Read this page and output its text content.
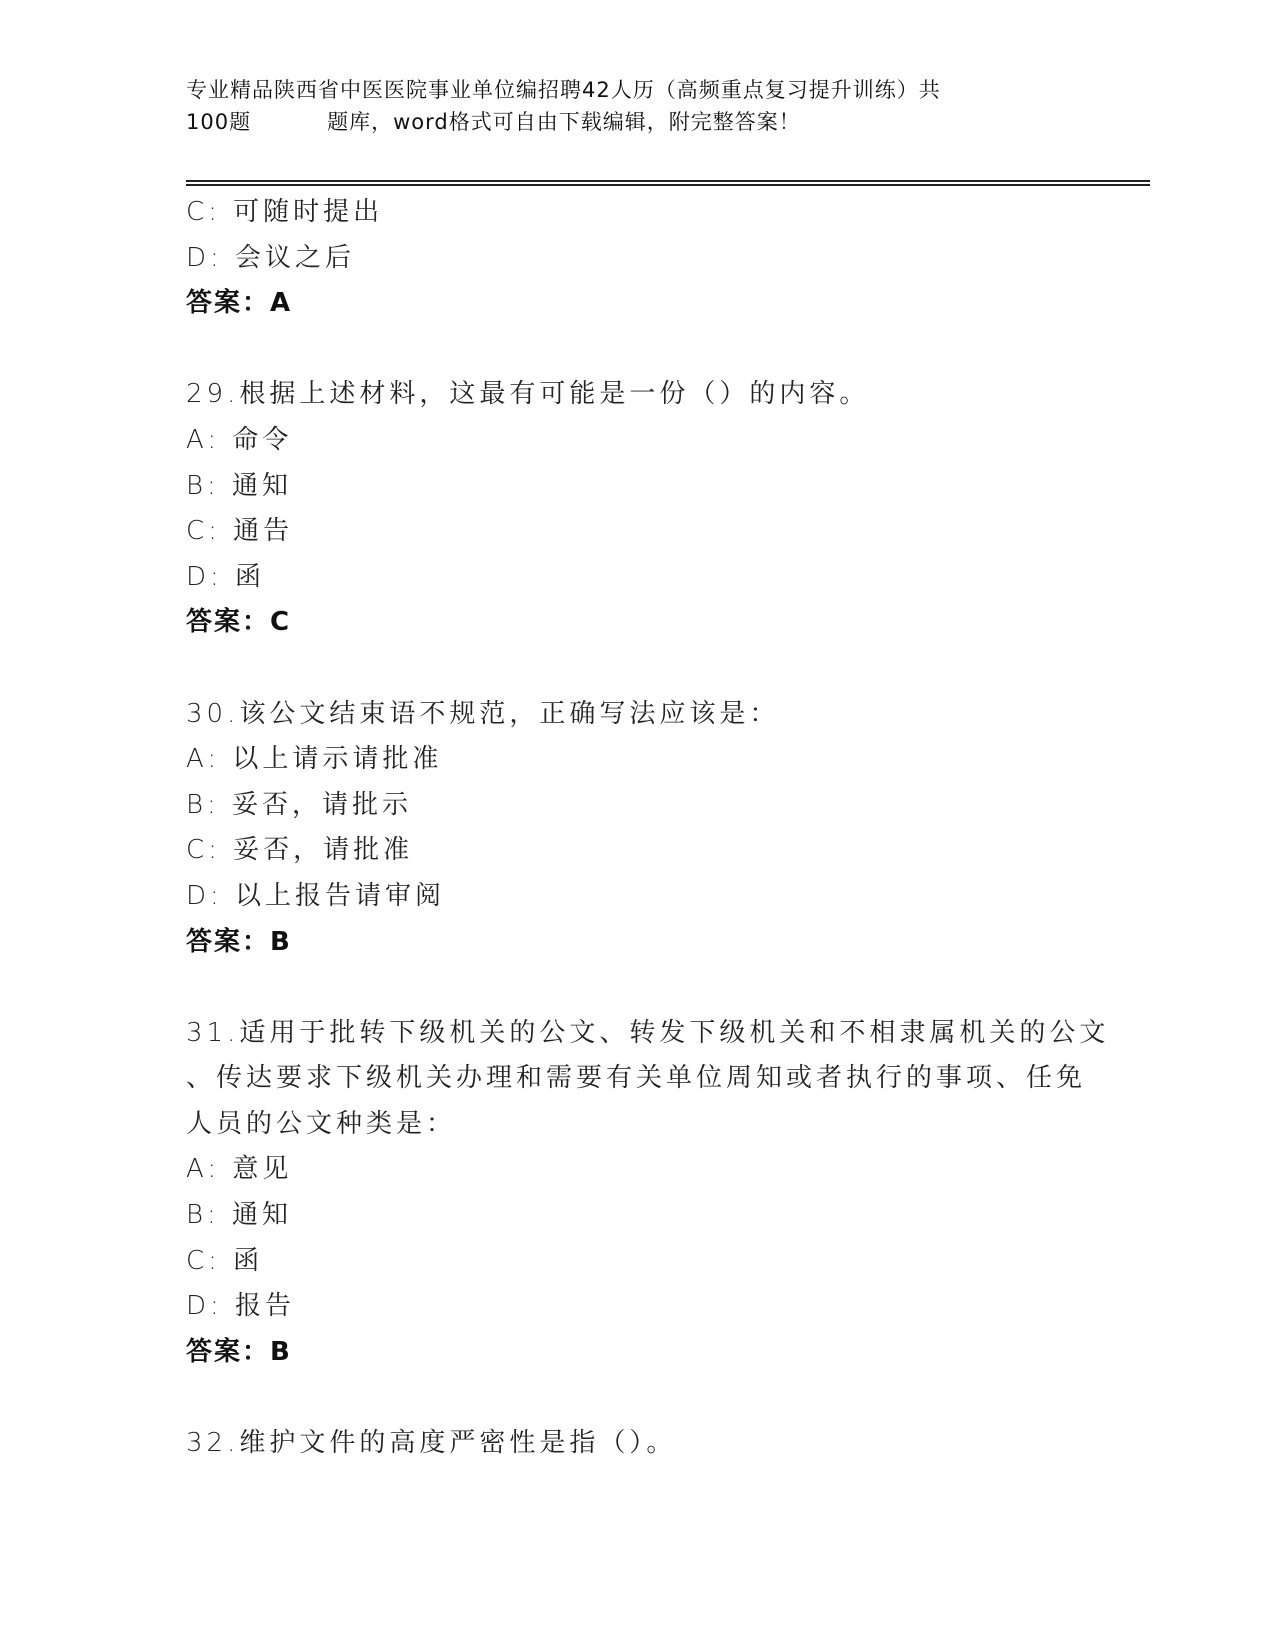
专业精品陕西省中医医院事业单位编招聘42人历（高频重点复习提升训练）共
100题	题库，word格式可自由下载编辑，附完整答案！
C: 可随时提出
D: 会议之后
答案：A
29.根据上述材料，这最有可能是一份（）的内容。
A: 命令
B: 通知
C: 通告
D: 函
答案：C
30.该公文结束语不规范，正确写法应该是：
A: 以上请示请批准
B: 妥否，请批示
C: 妥否，请批准
D: 以上报告请审阅
答案：B
31.适用于批转下级机关的公文、转发下级机关和不相隶属机关的公文
、传达要求下级机关办理和需要有关单位周知或者执行的事项、任免
人员的公文种类是：
A: 意见
B: 通知
C: 函
D: 报告
答案：B
32.维护文件的高度严密性是指（）。
